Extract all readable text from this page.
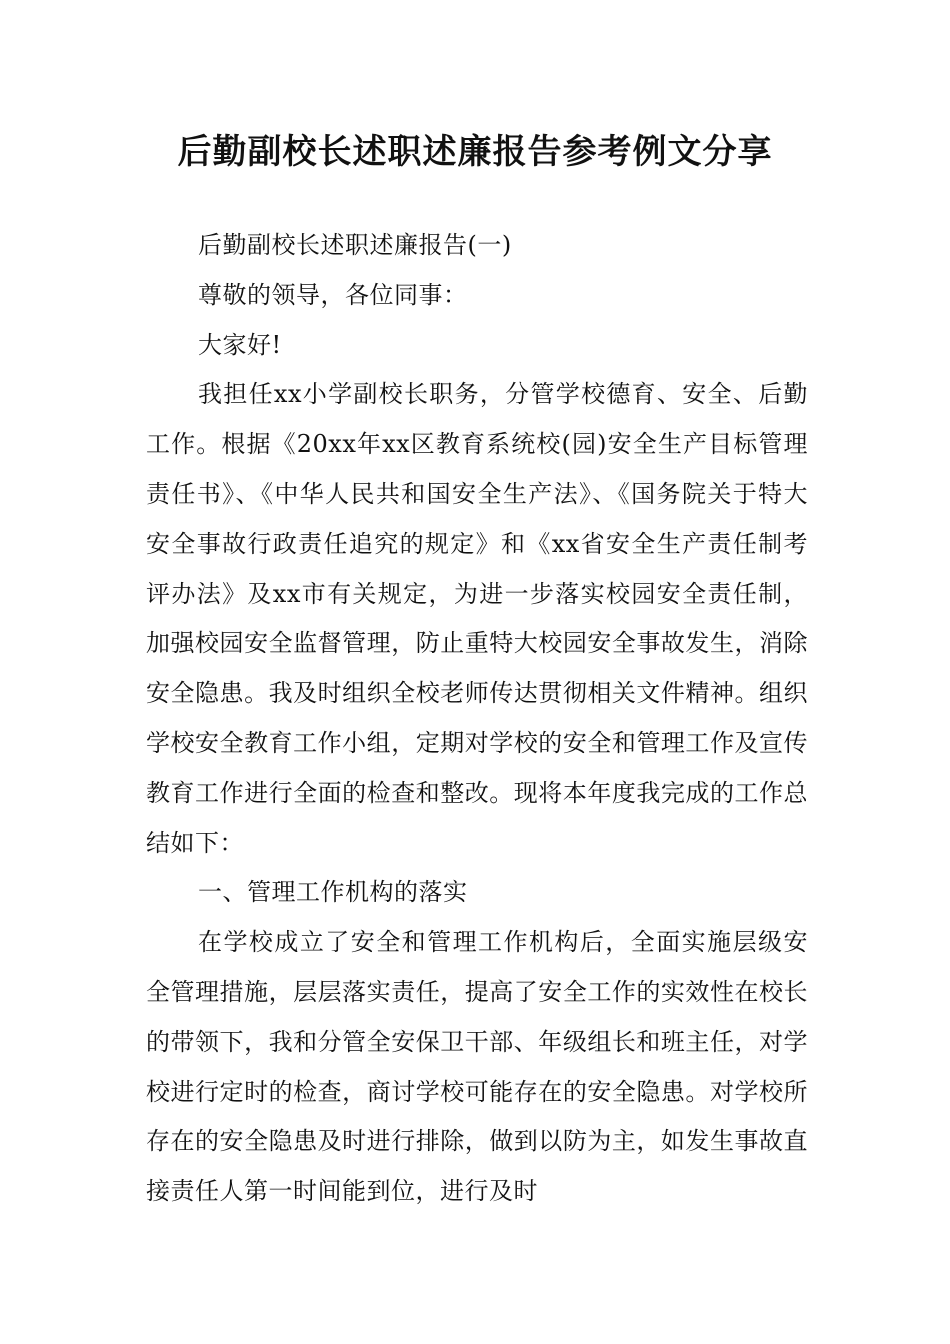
后勤副校长述职述廉报告参考例文分享

后勤副校长述职述廉报告(一)

尊敬的领导，各位同事：

大家好!

我担任xx小学副校长职务，分管学校德育、安全、后勤工作。根据《20xx年xx区教育系统校(园)安全生产目标管理责任书》、《中华人民共和国安全生产法》、《国务院关于特大安全事故行政责任追究的规定》和《xx省安全生产责任制考评办法》及xx市有关规定，为进一步落实校园安全责任制，加强校园安全监督管理，防止重特大校园安全事故发生，消除安全隐患。我及时组织全校老师传达贯彻相关文件精神。组织学校安全教育工作小组，定期对学校的安全和管理工作及宣传教育工作进行全面的检查和整改。现将本年度我完成的工作总结如下：

一、管理工作机构的落实

在学校成立了安全和管理工作机构后，全面实施层级安全管理措施，层层落实责任，提高了安全工作的实效性在校长的带领下，我和分管全安保卫干部、年级组长和班主任，对学校进行定时的检查，商讨学校可能存在的安全隐患。对学校所存在的安全隐患及时进行排除，做到以防为主，如发生事故直接责任人第一时间能到位，进行及时
